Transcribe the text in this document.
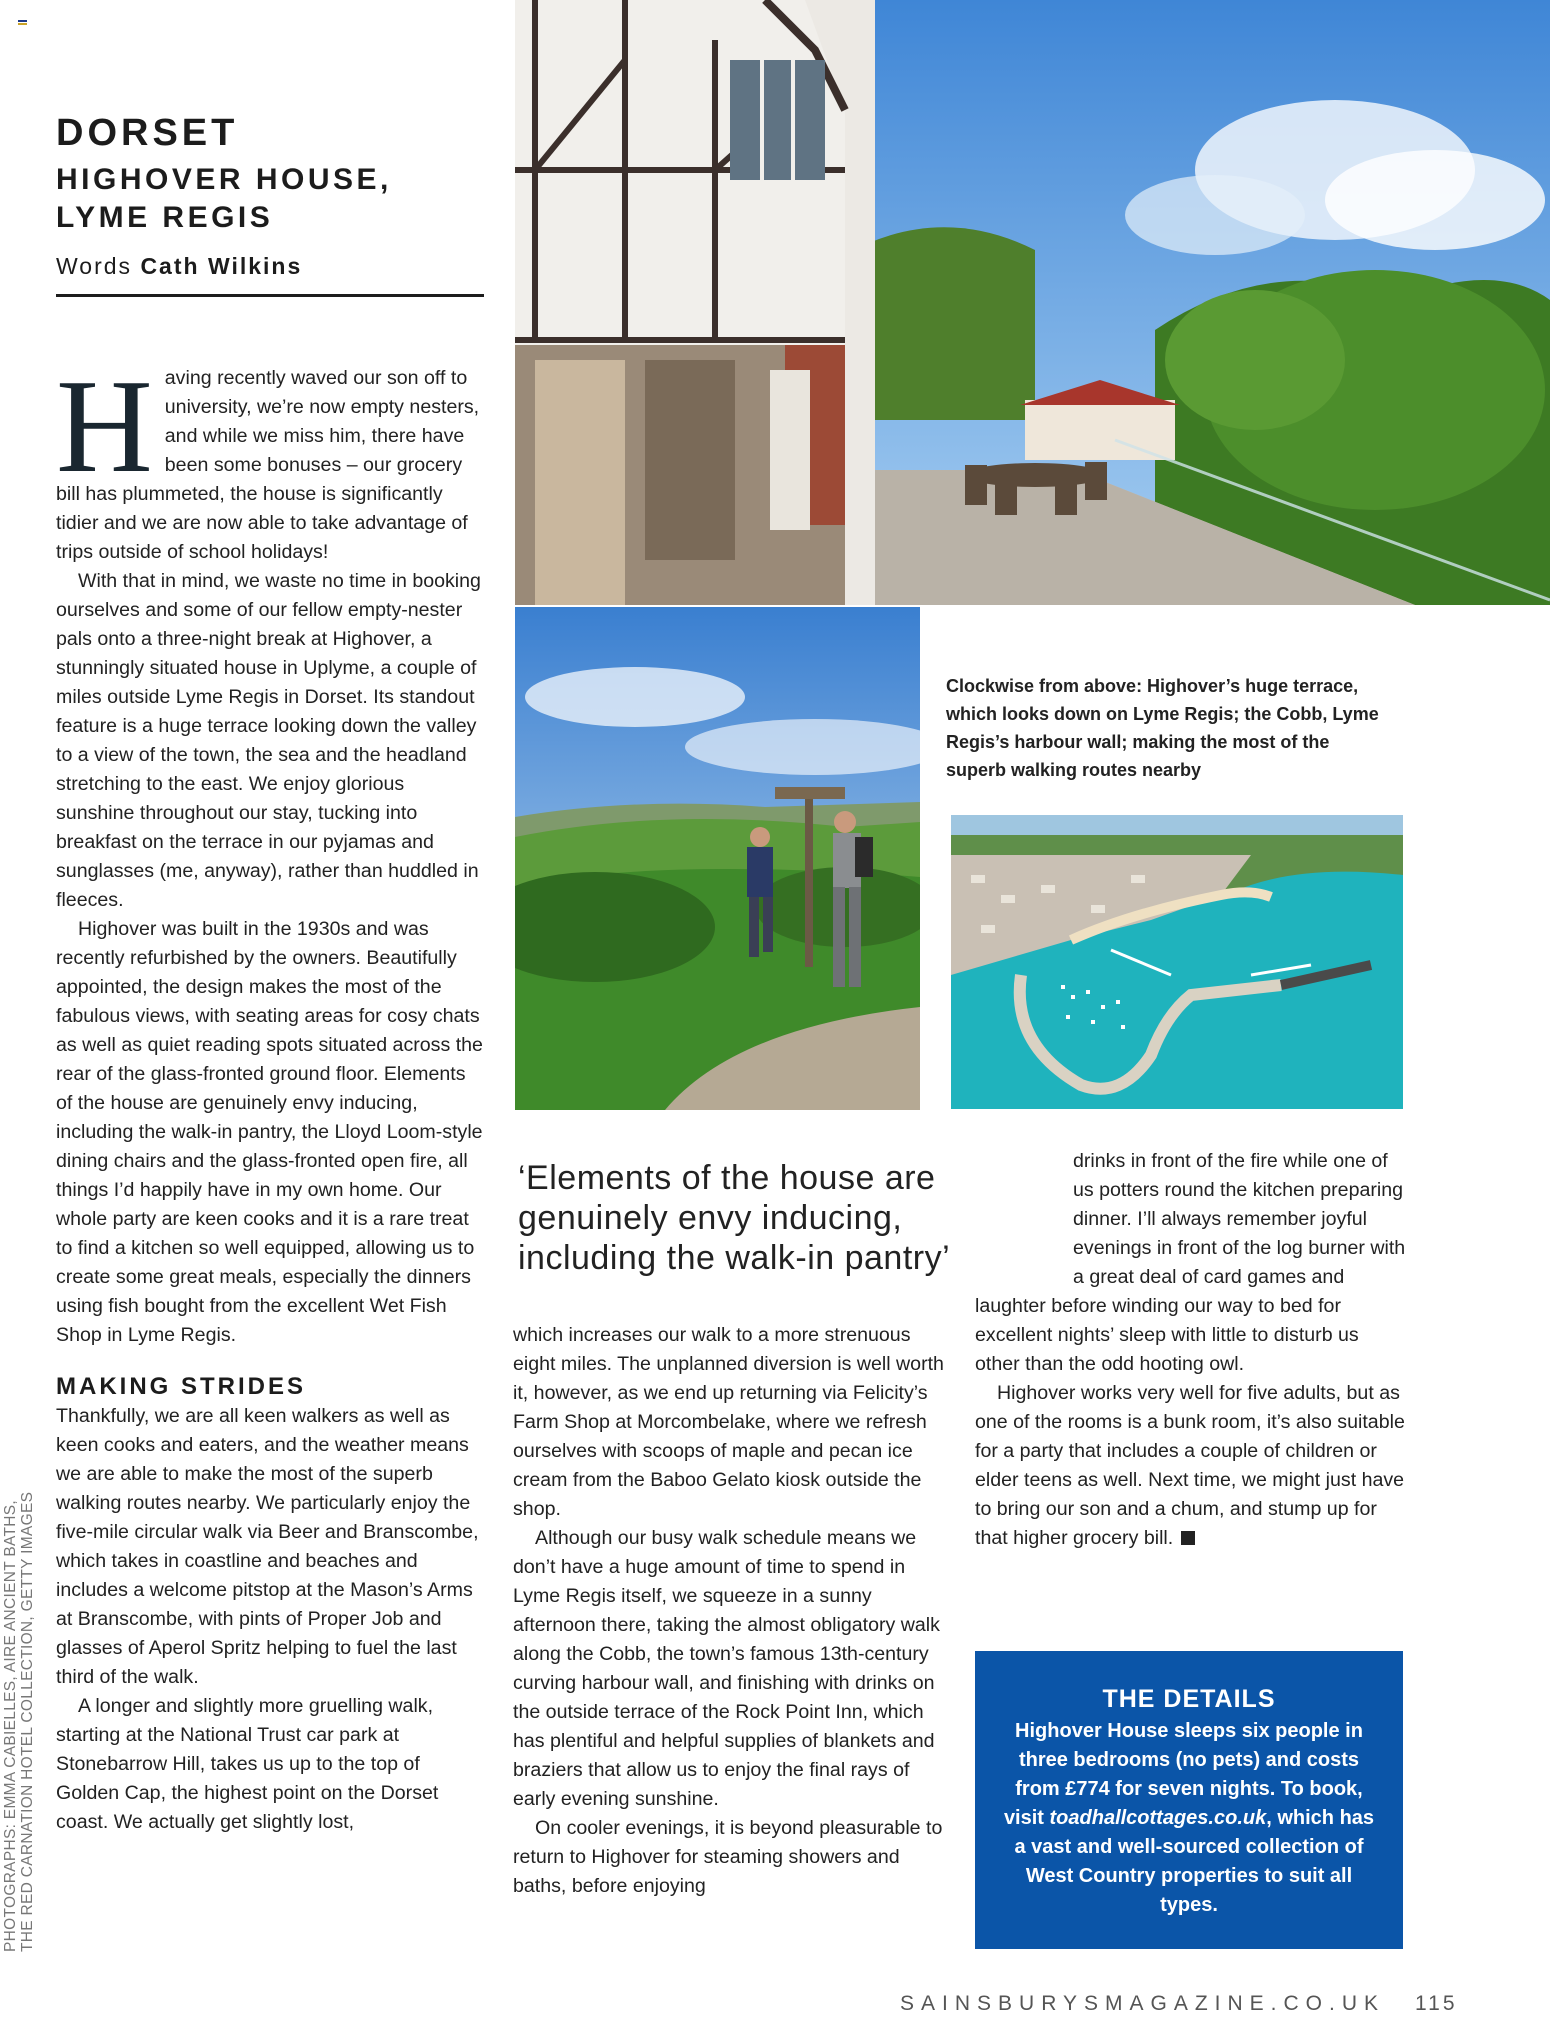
DORSET
HIGHOVER HOUSE,
LYME REGIS
Words Cath Wilkins

Having recently waved our son off to university, we’re now empty nesters, and while we miss him, there have been some bonuses – our grocery bill has plummeted, the house is significantly tidier and we are now able to take advantage of trips outside of school holidays!

With that in mind, we waste no time in booking ourselves and some of our fellow empty-nester pals onto a three-night break at Highover, a stunningly situated house in Uplyme, a couple of miles outside Lyme Regis in Dorset. Its standout feature is a huge terrace looking down the valley to a view of the town, the sea and the headland stretching to the east. We enjoy glorious sunshine throughout our stay, tucking into breakfast on the terrace in our pyjamas and sunglasses (me, anyway), rather than huddled in fleeces.

Highover was built in the 1930s and was recently refurbished by the owners. Beautifully appointed, the design makes the most of the fabulous views, with seating areas for cosy chats as well as quiet reading spots situated across the rear of the glass-fronted ground floor. Elements of the house are genuinely envy inducing, including the walk-in pantry, the Lloyd Loom-style dining chairs and the glass-fronted open fire, all things I’d happily have in my own home. Our whole party are keen cooks and it is a rare treat to find a kitchen so well equipped, allowing us to create some great meals, especially the dinners using fish bought from the excellent Wet Fish Shop in Lyme Regis.

MAKING STRIDES

Thankfully, we are all keen walkers as well as keen cooks and eaters, and the weather means we are able to make the most of the superb walking routes nearby. We particularly enjoy the five-mile circular walk via Beer and Branscombe, which takes in coastline and beaches and includes a welcome pitstop at the Mason’s Arms at Branscombe, with pints of Proper Job and glasses of Aperol Spritz helping to fuel the last third of the walk.

A longer and slightly more gruelling walk, starting at the National Trust car park at Stonebarrow Hill, takes us up to the top of Golden Cap, the highest point on the Dorset coast. We actually get slightly lost,

Clockwise from above: Highover’s huge terrace, which looks down on Lyme Regis; the Cobb, Lyme Regis’s harbour wall; making the most of the superb walking routes nearby
‘Elements of the house are genuinely envy inducing, including the walk-in pantry’

which increases our walk to a more strenuous eight miles. The unplanned diversion is well worth it, however, as we end up returning via Felicity’s Farm Shop at Morcombelake, where we refresh ourselves with scoops of maple and pecan ice cream from the Baboo Gelato kiosk outside the shop.

Although our busy walk schedule means we don’t have a huge amount of time to spend in Lyme Regis itself, we squeeze in a sunny afternoon there, taking the almost obligatory walk along the Cobb, the town’s famous 13th-century curving harbour wall, and finishing with drinks on the outside terrace of the Rock Point Inn, which has plentiful and helpful supplies of blankets and braziers that allow us to enjoy the final rays of early evening sunshine.

On cooler evenings, it is beyond pleasurable to return to Highover for steaming showers and baths, before enjoying

drinks in front of the fire while one of us potters round the kitchen preparing dinner. I’ll always remember joyful evenings in front of the log burner with a great deal of card games and laughter before winding our way to bed for excellent nights’ sleep with little to disturb us other than the odd hooting owl.

Highover works very well for five adults, but as one of the rooms is a bunk room, it’s also suitable for a party that includes a couple of children or elder teens as well. Next time, we might just have to bring our son and a chum, and stump up for that higher grocery bill.

THE DETAILS
Highover House sleeps six people in three bedrooms (no pets) and costs from £774 for seven nights. To book, visit toadhallcottages.co.uk, which has a vast and well-sourced collection of West Country properties to suit all types.
PHOTOGRAPHS: EMMA CABIELLES, AIRE ANCIENT BATHS, THE RED CARNATION HOTEL COLLECTION, GETTY IMAGES
SAINSBURYSMAGAZINE.CO.UK 115
